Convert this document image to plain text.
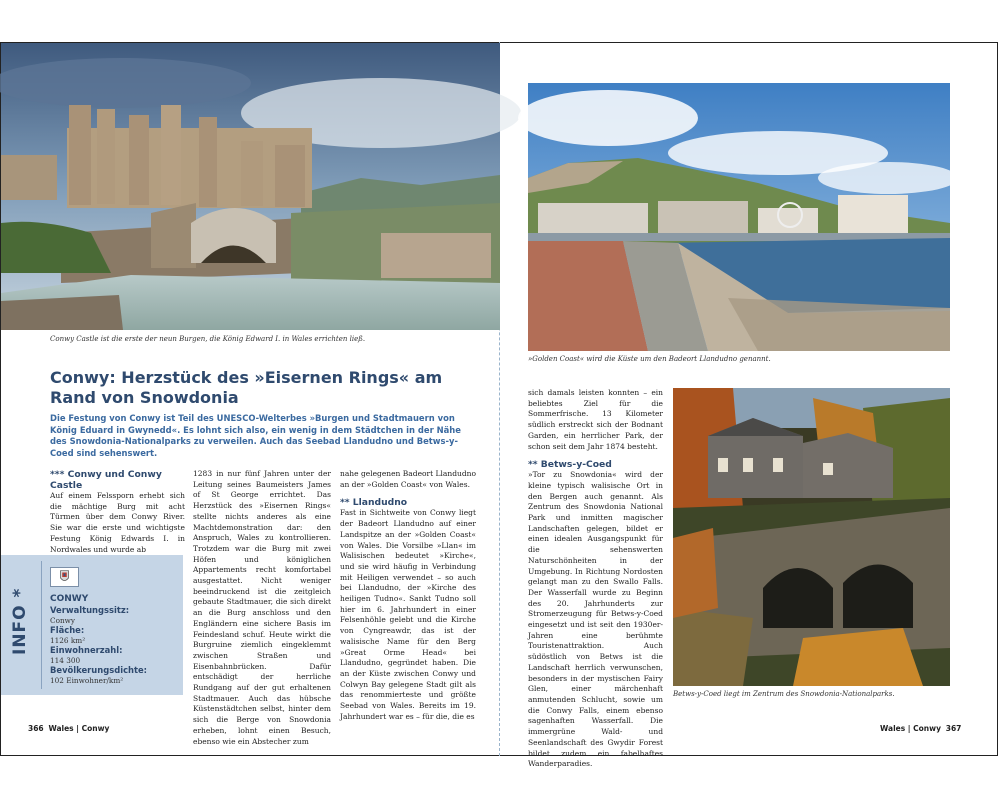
Conwy Castle ist die erste der neun Burgen, die König Edward I. in Wales errichten ließ.
Conwy: Herzstück des »Eisernen Rings« am Rand von Snowdonia

Die Festung von Conwy ist Teil des UNESCO-Welterbes »Burgen und Stadtmauern von König Eduard in Gwynedd«. Es lohnt sich also, ein wenig in dem Städtchen in der Nähe des Snowdonia-Nationalparks zu verweilen. Auch das Seebad Llandudno und Betws-y-Coed sind sehenswert.

*** Conwy und Conwy Castle

Auf einem Felssporn erhebt sich die mächtige Burg mit acht Türmen über dem Conwy River. Sie war die erste und wichtigste Festung König Edwards I. in Nordwales und wurde ab

1283 in nur fünf Jahren unter der Leitung seines Baumeisters James of St George errichtet. Das Herzstück des »Eisernen Rings« stellte nichts anderes als eine Machtdemonstration dar: den Anspruch, Wales zu kontrollieren. Trotzdem war die Burg mit zwei Höfen und königlichen Appartements recht komfortabel ausgestattet. Nicht weniger beeindruckend ist die zeitgleich gebaute Stadtmauer, die sich direkt an die Burg anschloss und den Engländern eine sichere Basis im Feindesland schuf. Heute wirkt die Burgruine ziemlich eingeklemmt zwischen Straßen und Eisenbahnbrücken. Dafür entschädigt der herrliche Rundgang auf der gut erhaltenen Stadtmauer. Auch das hübsche Küstenstädtchen selbst, hinter dem sich die Berge von Snowdonia erheben, lohnt einen Besuch, ebenso wie ein Abstecher zum

nahe gelegenen Badeort Llandudno an der »Golden Coast« von Wales.

** Llandudno

Fast in Sichtweite von Conwy liegt der Badeort Llandudno auf einer Landspitze an der »Golden Coast« von Wales. Die Vorsilbe »Llan« im Walisischen bedeutet »Kirche«, und sie wird häufig in Verbindung mit Heiligen verwendet – so auch bei Llandudno, der »Kirche des heiligen Tudno«. Sankt Tudno soll hier im 6. Jahrhundert in einer Felsenhöhle gelebt und die Kirche von Cyngreawdr, das ist der walisische Name für den Berg »Great Orme Head« bei Llandudno, gegründet haben. Die an der Küste zwischen Conwy und Colwyn Bay gelegene Stadt gilt als das renommierteste und größte Seebad von Wales. Bereits im 19. Jahrhundert war es – für die, die es

INFO *	CONWY
Verwaltungssitz:
Conwy
Fläche:
1126 km²
Einwohnerzahl:
114 300
Bevölkerungsdichte:
102 Einwohner/km²
366 Wales | Conwy
»Golden Coast« wird die Küste um den Badeort Llandudno genannt.

sich damals leisten konnten – ein beliebtes Ziel für die Sommerfrische. 13 Kilometer südlich erstreckt sich der Bodnant Garden, ein herrlicher Park, der schon seit dem Jahr 1874 besteht.

** Betws-y-Coed

»Tor zu Snowdonia« wird der kleine typisch walisische Ort in den Bergen auch genannt. Als Zentrum des Snowdonia National Park und inmitten magischer Landschaften gelegen, bildet er einen idealen Ausgangspunkt für die sehenswerten Naturschönheiten in der Umgebung. In Richtung Nordosten gelangt man zu den Swallo Falls. Der Wasserfall wurde zu Beginn des 20. Jahrhunderts zur Stromerzeugung für Betws-y-Coed eingesetzt und ist seit den 1930er-Jahren eine berühmte Touristenattraktion. Auch südöstlich von Betws ist die Landschaft herrlich verwunschen, besonders in der mystischen Fairy Glen, einer märchenhaft anmutenden Schlucht, sowie um die Conwy Falls, einem ebenso sagenhaften Wasserfall. Die immergrüne Wald- und Seenlandschaft des Gwydir Forest bildet zudem ein fabelhaftes Wanderparadies.

Betws-y-Coed liegt im Zentrum des Snowdonia-Nationalparks.
Wales | Conwy 367
